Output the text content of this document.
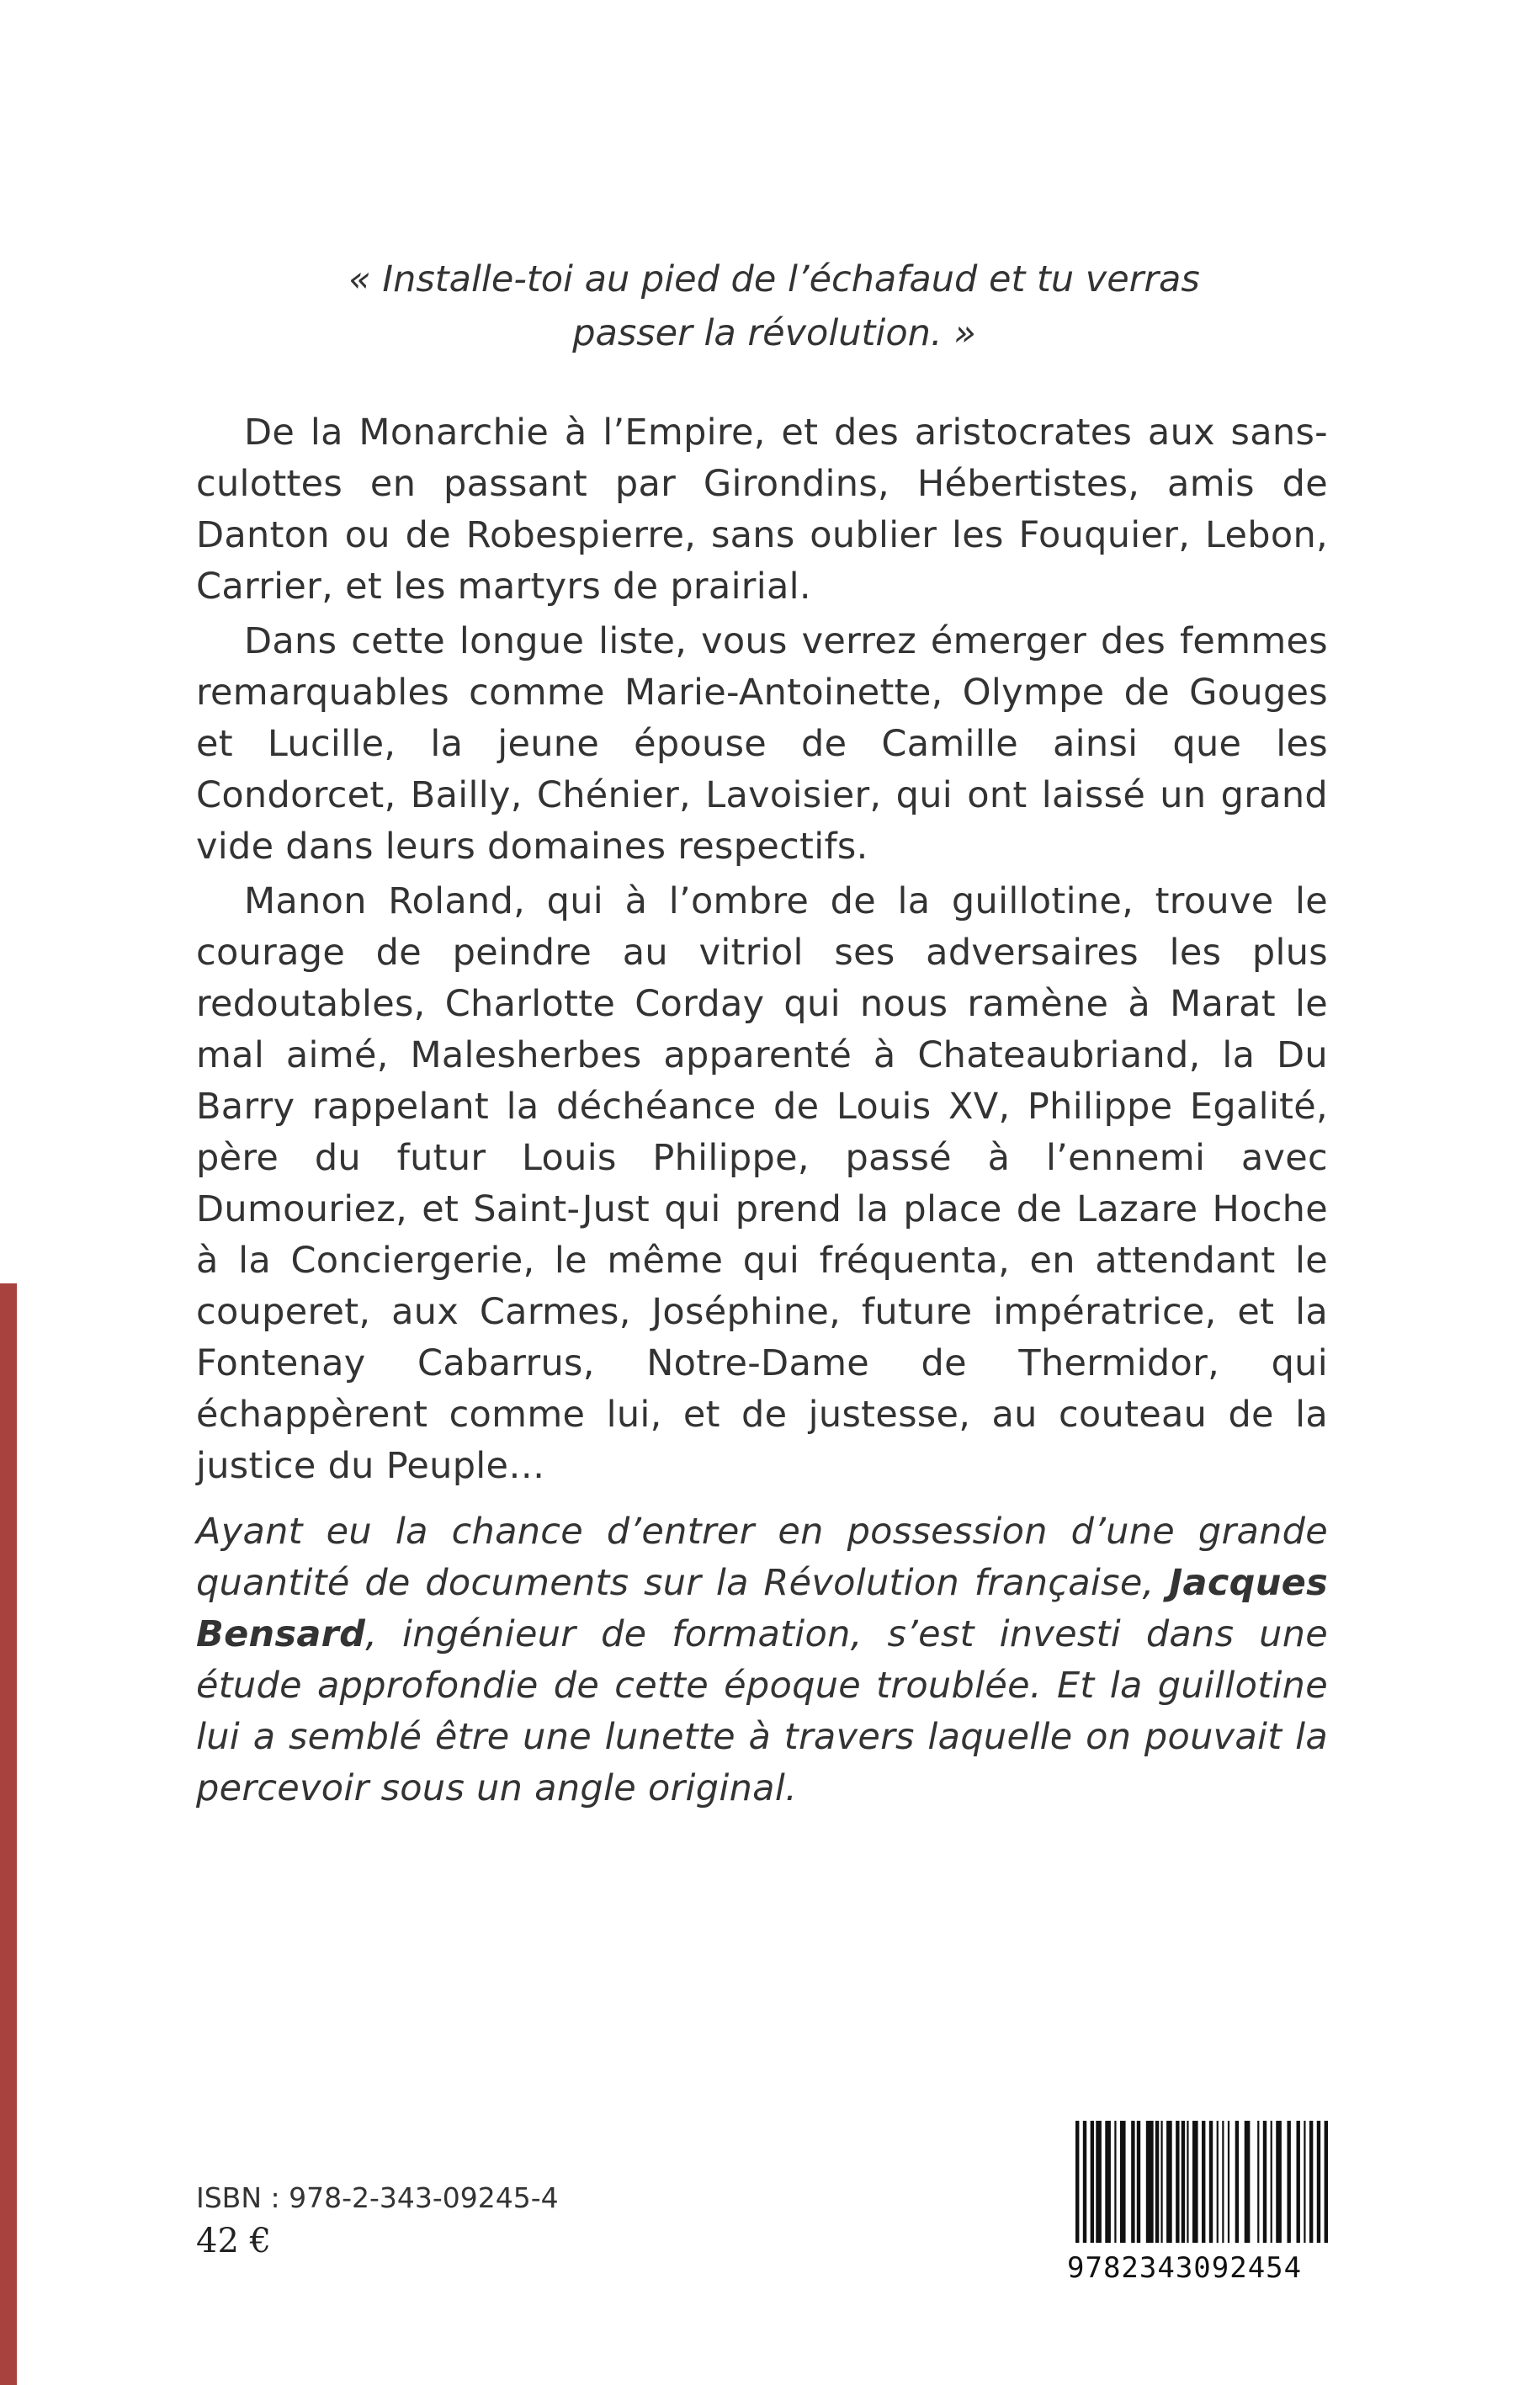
« Installe-toi au pied de l’échafaud et tu verras
passer la révolution. »

De la Monarchie à l’Empire, et des aristocrates aux sans-culottes en passant par Girondins, Hébertistes, amis de Danton ou de Robespierre, sans oublier les Fouquier, Lebon, Carrier, et les martyrs de prairial.

Dans cette longue liste, vous verrez émerger des femmes remarquables comme Marie-Antoinette, Olympe de Gouges et Lucille, la jeune épouse de Camille ainsi que les Condorcet, Bailly, Chénier, Lavoisier, qui ont laissé un grand vide dans leurs domaines respectifs.

Manon Roland, qui à l’ombre de la guillotine, trouve le courage de peindre au vitriol ses adversaires les plus redoutables, Charlotte Corday qui nous ramène à Marat le mal aimé, Malesherbes apparenté à Chateaubriand, la Du Barry rappelant la déchéance de Louis XV, Philippe Egalité, père du futur Louis Philippe, passé à l’ennemi avec Dumouriez, et Saint-Just qui prend la place de Lazare Hoche à la Conciergerie, le même qui fréquenta, en attendant le couperet, aux Carmes, Joséphine, future impératrice, et la Fontenay Cabarrus, Notre-Dame de Thermidor, qui échappèrent comme lui, et de justesse, au couteau de la justice du Peuple…

Ayant eu la chance d’entrer en possession d’une grande quantité de documents sur la Révolution française, Jacques Bensard, ingénieur de formation, s’est investi dans une étude approfondie de cette époque troublée. Et la guillotine lui a semblé être une lunette à travers laquelle on pouvait la percevoir sous un angle original.
ISBN : 978-2-343-09245-4
42 €
9782343092454
